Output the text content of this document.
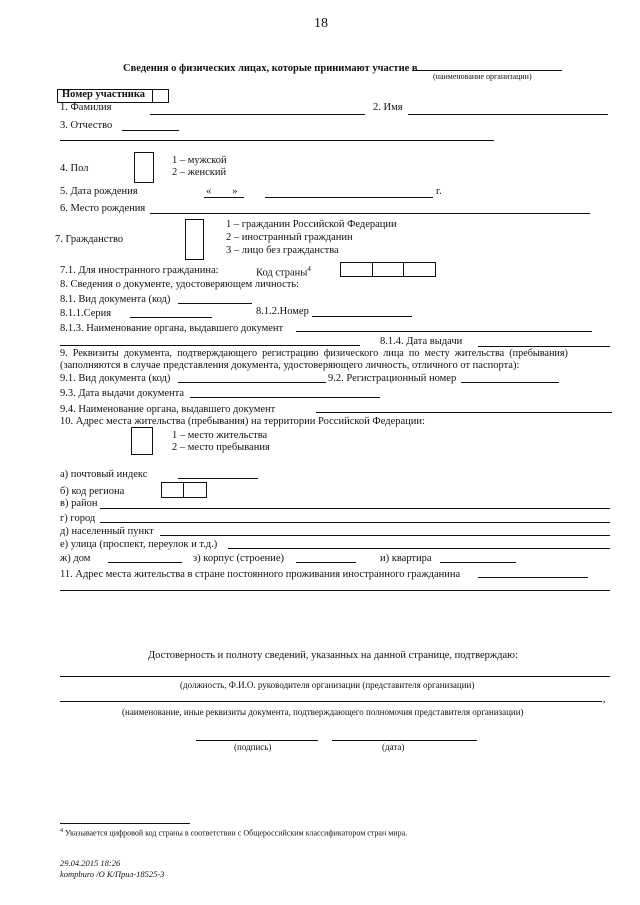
18
Сведения о физических лицах, которые принимают участие в
(наименование организации)
Номер участника
1. Фамилия	2. Имя
3. Отчество
4. Пол
1 – мужской
2 – женский
5. Дата рождения	«        »	г.
6. Место рождения
7. Гражданство
1 – гражданин Российской Федерации
2 – иностранный гражданин
3 – лицо без гражданства
7.1. Для иностранного гражданина:	Код страны$^4$
8. Сведения о документе, удостоверяющем личность:
8.1. Вид документа (код)
8.1.1.Серия	8.1.2.Номер
8.1.3. Наименование органа, выдавшего документ
8.1.4. Дата выдачи
9.  Реквизиты  документа,  подтверждающего  регистрацию  физического  лица  по  месту  жительства  (пребывания)
(заполняются в случае представления документа, удостоверяющего личность, отличного от паспорта):
9.1. Вид документа (код)	9.2. Регистрационный номер
9.3. Дата выдачи документа
9.4. Наименование органа, выдавшего документ
10. Адрес места жительства (пребывания) на территории Российской Федерации:
1 – место жительства
2 – место пребывания
а) почтовый индекс
б) код региона
в) район
г) город
д) населенный пункт
е) улица (проспект, переулок и т.д.)
ж) дом	з) корпус (строение)	и) квартира
11. Адрес места жительства в стране постоянного проживания иностранного гражданина
Достоверность и полноту сведений, указанных на данной странице, подтверждаю:
(должность, Ф.И.О. руководителя организации (представителя организации)
,
(наименование, иные реквизиты документа, подтверждающего полномочия представителя организации)
(подпись)	(дата)
$^4$ Указывается цифровой код страны в соответствии с Общероссийским классификатором стран мира.
29.04.2015 18:26
kompburo /О К/Прил-18525-3
